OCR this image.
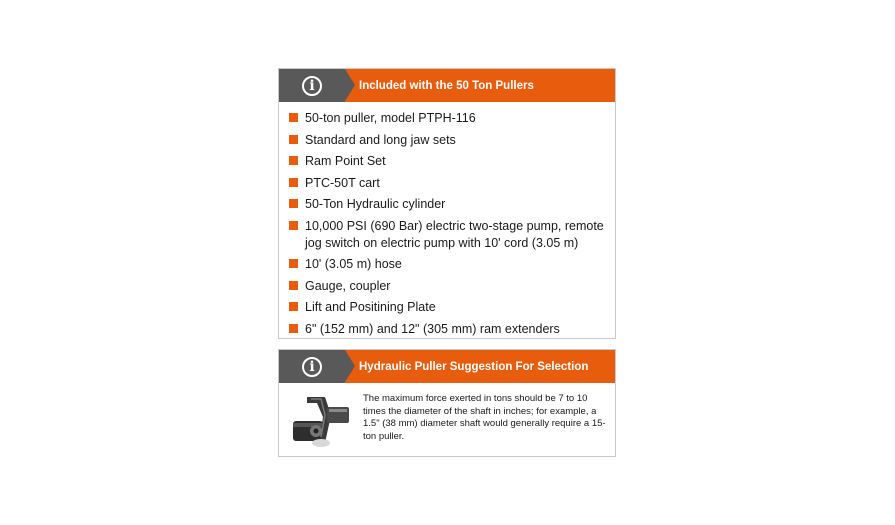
i	Included with the 50 Ton Pullers
50-ton puller, model PTPH-116
Standard and long jaw sets
Ram Point Set
PTC-50T cart
50-Ton Hydraulic cylinder
10,000 PSI (690 Bar) electric two-stage pump, remote jog switch on electric pump with 10' cord (3.05 m)
10' (3.05 m) hose
Gauge, coupler
Lift and Positining Plate
6" (152 mm) and 12" (305 mm) ram extenders
i	Hydraulic Puller Suggestion For Selection
The maximum force exerted in tons should be 7 to 10 times the diameter of the shaft in inches; for example, a 1.5" (38 mm) diameter shaft would generally require a 15-ton puller.
